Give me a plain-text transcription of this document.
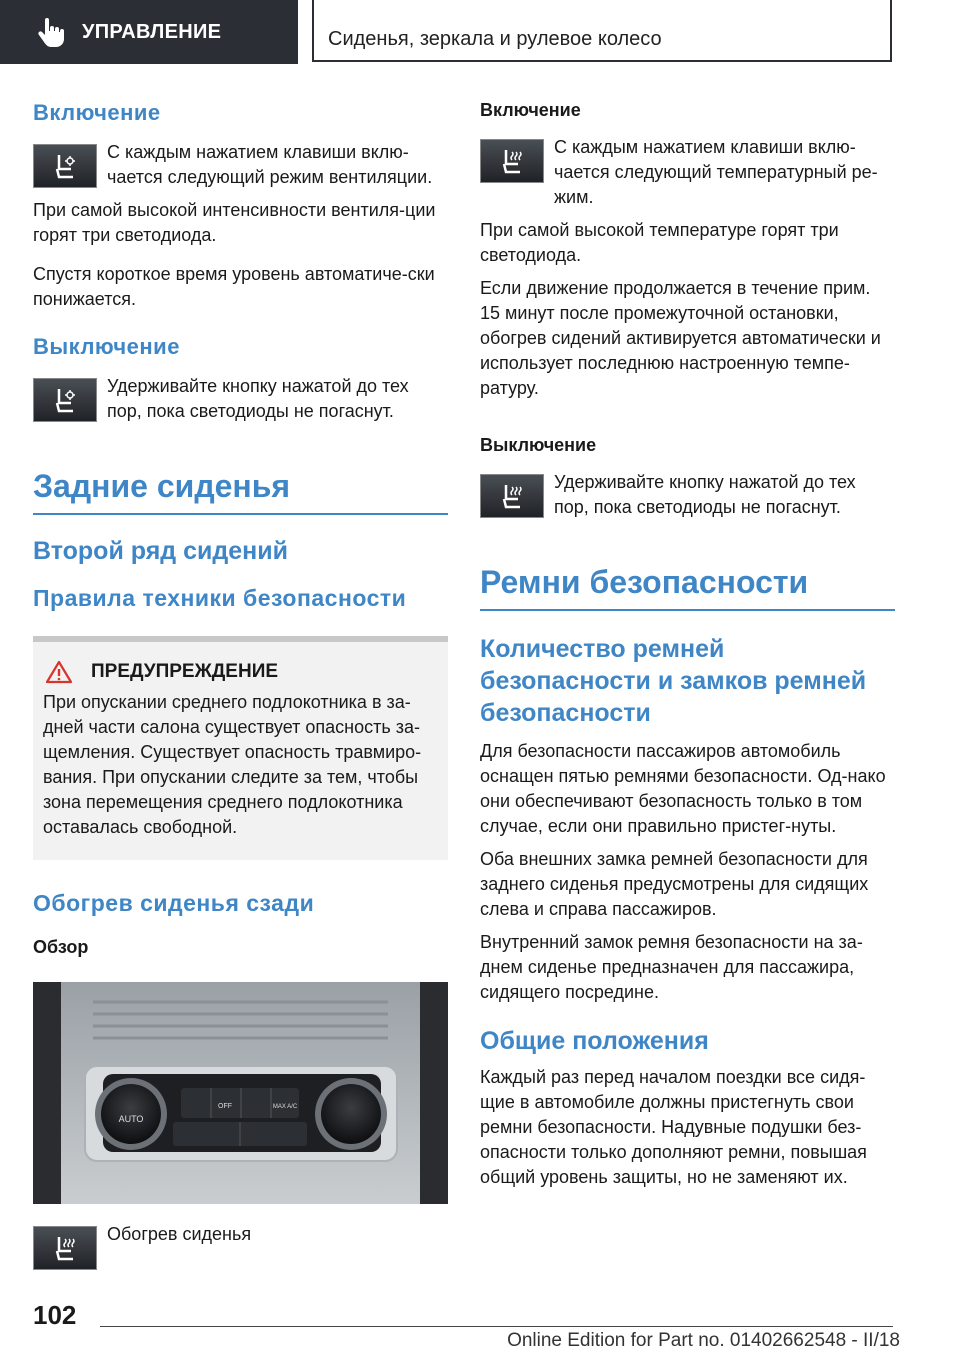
УПРАВЛЕНИЕ	Сиденья, зеркала и рулевое колесо
Включение

С каждым нажатием клавиши вклю-чается следующий режим вентиляции.

При самой высокой интенсивности вентиля-ции горят три светодиода.

Спустя короткое время уровень автоматиче-ски понижается.

Выключение

Удерживайте кнопку нажатой до тех пор, пока светодиоды не погаснут.

Задние сиденья
Второй ряд сидений
Правила техники безопасности
ПРЕДУПРЕЖДЕНИЕ

При опускании среднего подлокотника в за-дней части салона существует опасность за-щемления. Существует опасность травмиро-вания. При опускании следите за тем, чтобы зона перемещения среднего подлокотника оставалась свободной.

Обогрев сиденья сзади
Обзор
AUTO
OFF	MAX A/C

Обогрев сиденья

Включение

С каждым нажатием клавиши вклю-чается следующий температурный ре-жим.

При самой высокой температуре горят три светодиода.

Если движение продолжается в течение прим. 15 минут после промежуточной остановки, обогрев сидений активируется автоматически и использует последнюю настроенную темпе-ратуру.

Выключение

Удерживайте кнопку нажатой до тех пор, пока светодиоды не погаснут.

Ремни безопасности
Количество ремней безопасности и замков ремней безопасности

Для безопасности пассажиров автомобиль оснащен пятью ремнями безопасности. Од-нако они обеспечивают безопасность только в том случае, если они правильно пристег-нуты.

Оба внешних замка ремней безопасности для заднего сиденья предусмотрены для сидящих слева и справа пассажиров.

Внутренний замок ремня безопасности на за-днем сиденье предназначен для пассажира, сидящего посредине.

Общие положения

Каждый раз перед началом поездки все сидя-щие в автомобиле должны пристегнуть свои ремни безопасности. Надувные подушки без-опасности только дополняют ремни, повышая общий уровень защиты, но не заменяют их.

102
Online Edition for Part no. 01402662548 - II/18
